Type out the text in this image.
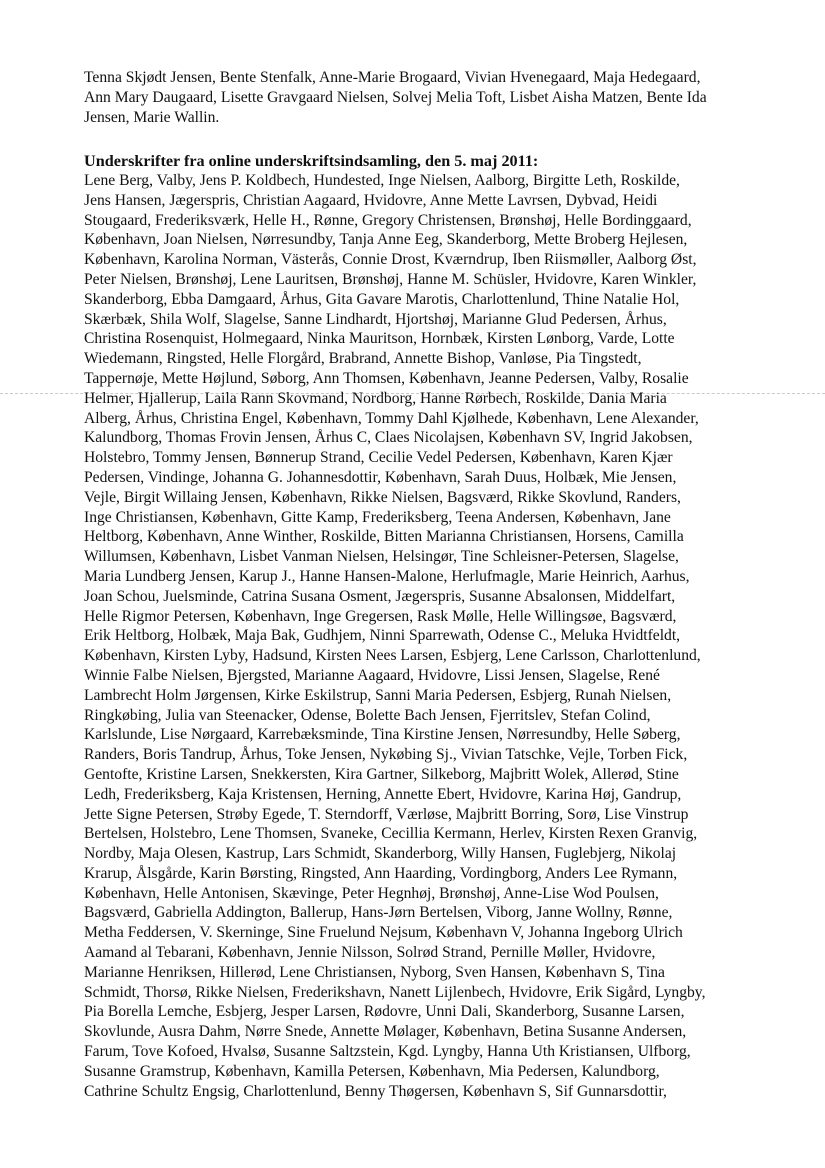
Tenna Skjødt Jensen, Bente Stenfalk, Anne-Marie Brogaard, Vivian Hvenegaard, Maja Hedegaard,
Ann Mary Daugaard, Lisette Gravgaard Nielsen, Solvej Melia Toft, Lisbet Aisha Matzen, Bente Ida
Jensen, Marie Wallin.
Underskrifter fra online underskriftsindsamling, den 5. maj 2011:
Lene Berg, Valby, Jens P. Koldbech, Hundested, Inge Nielsen, Aalborg, Birgitte Leth, Roskilde,
Jens Hansen, Jægerspris, Christian Aagaard, Hvidovre, Anne Mette Lavrsen, Dybvad, Heidi
Stougaard, Frederiksværk, Helle H., Rønne, Gregory Christensen, Brønshøj, Helle Bordinggaard,
København, Joan Nielsen, Nørresundby, Tanja Anne Eeg, Skanderborg, Mette Broberg Hejlesen,
København, Karolina Norman, Västerås, Connie Drost, Kværndrup, Iben Riismøller, Aalborg Øst,
Peter Nielsen, Brønshøj, Lene Lauritsen, Brønshøj, Hanne M. Schüsler, Hvidovre, Karen Winkler,
Skanderborg, Ebba Damgaard, Århus, Gita Gavare Marotis, Charlottenlund, Thine Natalie Hol,
Skærbæk, Shila Wolf, Slagelse, Sanne Lindhardt, Hjortshøj, Marianne Glud Pedersen, Århus,
Christina Rosenquist, Holmegaard, Ninka Mauritson, Hornbæk, Kirsten Lønborg, Varde, Lotte
Wiedemann, Ringsted, Helle Florgård, Brabrand, Annette Bishop, Vanløse, Pia Tingstedt,
Tappernøje, Mette Højlund, Søborg, Ann Thomsen, København, Jeanne Pedersen, Valby, Rosalie
Helmer, Hjallerup, Laila Rann Skovmand, Nordborg, Hanne Rørbech, Roskilde, Dania Maria
Alberg, Århus, Christina Engel, København, Tommy Dahl Kjølhede, København, Lene Alexander,
Kalundborg, Thomas Frovin Jensen, Århus C, Claes Nicolajsen, København SV, Ingrid Jakobsen,
Holstebro, Tommy Jensen, Bønnerup Strand, Cecilie Vedel Pedersen, København, Karen Kjær
Pedersen, Vindinge, Johanna G. Johannesdottir, København, Sarah Duus, Holbæk, Mie Jensen,
Vejle, Birgit Willaing Jensen, København, Rikke Nielsen, Bagsværd, Rikke Skovlund, Randers,
Inge Christiansen, København, Gitte Kamp, Frederiksberg, Teena Andersen, København, Jane
Heltborg, København, Anne Winther, Roskilde, Bitten Marianna Christiansen, Horsens, Camilla
Willumsen, København, Lisbet Vanman Nielsen, Helsingør, Tine Schleisner-Petersen, Slagelse,
Maria Lundberg Jensen, Karup J., Hanne Hansen-Malone, Herlufmagle, Marie Heinrich, Aarhus,
Joan Schou, Juelsminde, Catrina Susana Osment, Jægerspris, Susanne Absalonsen, Middelfart,
Helle Rigmor Petersen, København, Inge Gregersen, Rask Mølle, Helle Willingsøe, Bagsværd,
Erik Heltborg, Holbæk, Maja Bak, Gudhjem, Ninni Sparrewath, Odense C., Meluka Hvidtfeldt,
København, Kirsten Lyby, Hadsund, Kirsten Nees Larsen, Esbjerg, Lene Carlsson, Charlottenlund,
Winnie Falbe Nielsen, Bjergsted, Marianne Aagaard, Hvidovre, Lissi Jensen, Slagelse, René
Lambrecht Holm Jørgensen, Kirke Eskilstrup, Sanni Maria Pedersen, Esbjerg, Runah Nielsen,
Ringkøbing, Julia van Steenacker, Odense, Bolette Bach Jensen, Fjerritslev, Stefan Colind,
Karlslunde, Lise Nørgaard, Karrebæksminde, Tina Kirstine Jensen, Nørresundby, Helle Søberg,
Randers, Boris Tandrup, Århus, Toke Jensen, Nykøbing Sj., Vivian Tatschke, Vejle, Torben Fick,
Gentofte, Kristine Larsen, Snekkersten, Kira Gartner, Silkeborg, Majbritt Wolek, Allerød, Stine
Ledh, Frederiksberg, Kaja Kristensen, Herning, Annette Ebert, Hvidovre, Karina Høj, Gandrup,
Jette Signe Petersen, Strøby Egede, T. Sterndorff, Værløse, Majbritt Borring, Sorø, Lise Vinstrup
Bertelsen, Holstebro, Lene Thomsen, Svaneke, Cecillia Kermann, Herlev, Kirsten Rexen Granvig,
Nordby, Maja Olesen, Kastrup, Lars Schmidt, Skanderborg, Willy Hansen, Fuglebjerg, Nikolaj
Krarup, Ålsgårde, Karin Børsting, Ringsted, Ann Haarding, Vordingborg, Anders Lee Rymann,
København, Helle Antonisen, Skævinge, Peter Hegnhøj, Brønshøj, Anne-Lise Wod Poulsen,
Bagsværd, Gabriella Addington, Ballerup, Hans-Jørn Bertelsen, Viborg, Janne Wollny, Rønne,
Metha Feddersen, V. Skerninge, Sine Fruelund Nejsum, København V, Johanna Ingeborg Ulrich
Aamand al Tebarani, København, Jennie Nilsson, Solrød Strand, Pernille Møller, Hvidovre,
Marianne Henriksen, Hillerød, Lene Christiansen, Nyborg, Sven Hansen, København S, Tina
Schmidt, Thorsø, Rikke Nielsen, Frederikshavn, Nanett Lijlenbech, Hvidovre, Erik Sigård, Lyngby,
Pia Borella Lemche, Esbjerg, Jesper Larsen, Rødovre, Unni Dali, Skanderborg, Susanne Larsen,
Skovlunde, Ausra Dahm, Nørre Snede, Annette Mølager, København, Betina Susanne Andersen,
Farum, Tove Kofoed, Hvalsø, Susanne Saltzstein, Kgd. Lyngby, Hanna Uth Kristiansen, Ulfborg,
Susanne Gramstrup, København, Kamilla Petersen, København, Mia Pedersen, Kalundborg,
Cathrine Schultz Engsig, Charlottenlund, Benny Thøgersen, København S, Sif Gunnarsdottir,
